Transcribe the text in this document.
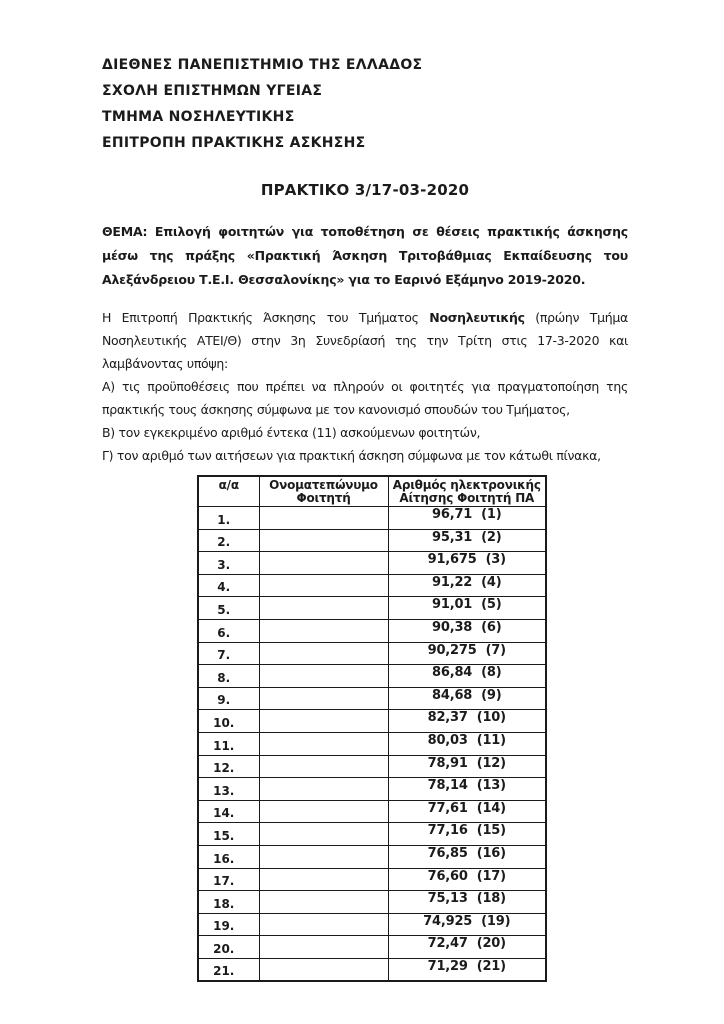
ΔΙΕΘΝΕΣ ΠΑΝΕΠΙΣΤΗΜΙΟ ΤΗΣ ΕΛΛΑΔΟΣ
ΣΧΟΛΗ ΕΠΙΣΤΗΜΩΝ ΥΓΕΙΑΣ
ΤΜΗΜΑ ΝΟΣΗΛΕΥΤΙΚΗΣ
ΕΠΙΤΡΟΠΗ ΠΡΑΚΤΙΚΗΣ ΑΣΚΗΣΗΣ
ΠΡΑΚΤΙΚΟ 3/17-03-2020

ΘΕΜΑ: Επιλογή φοιτητών για τοποθέτηση σε θέσεις πρακτικής άσκησης μέσω της πράξης «Πρακτική Άσκηση Τριτοβάθμιας Εκπαίδευσης του Αλεξάνδρειου Τ.Ε.Ι. Θεσσαλονίκης» για το Εαρινό Εξάμηνο 2019-2020.

Η Επιτροπή Πρακτικής Άσκησης του Τμήματος Νοσηλευτικής (πρώην Τμήμα Νοσηλευτικής ΑΤΕΙ/Θ) στην 3η Συνεδρίασή της την Τρίτη στις 17-3-2020 και λαμβάνοντας υπόψη:

Α) τις προϋποθέσεις που πρέπει να πληρούν οι φοιτητές για πραγματοποίηση της πρακτικής τους άσκησης σύμφωνα με τον κανονισμό σπουδών του Τμήματος,

Β) τον εγκεκριμένο αριθμό έντεκα (11) ασκούμενων φοιτητών,

Γ) τον αριθμό των αιτήσεων για πρακτική άσκηση σύμφωνα με τον κάτωθι πίνακα,

α/α	Ονοματεπώνυμο Φοιτητή	Αριθμός ηλεκτρονικής Αίτησης Φοιτητή ΠΑ
1.		96,71 (1)
2.		95,31 (2)
3.		91,675 (3)
4.		91,22 (4)
5.		91,01 (5)
6.		90,38 (6)
7.		90,275 (7)
8.		86,84 (8)
9.		84,68 (9)
10.		82,37 (10)
11.		80,03 (11)
12.		78,91 (12)
13.		78,14 (13)
14.		77,61 (14)
15.		77,16 (15)
16.		76,85 (16)
17.		76,60 (17)
18.		75,13 (18)
19.		74,925 (19)
20.		72,47 (20)
21.		71,29 (21)
